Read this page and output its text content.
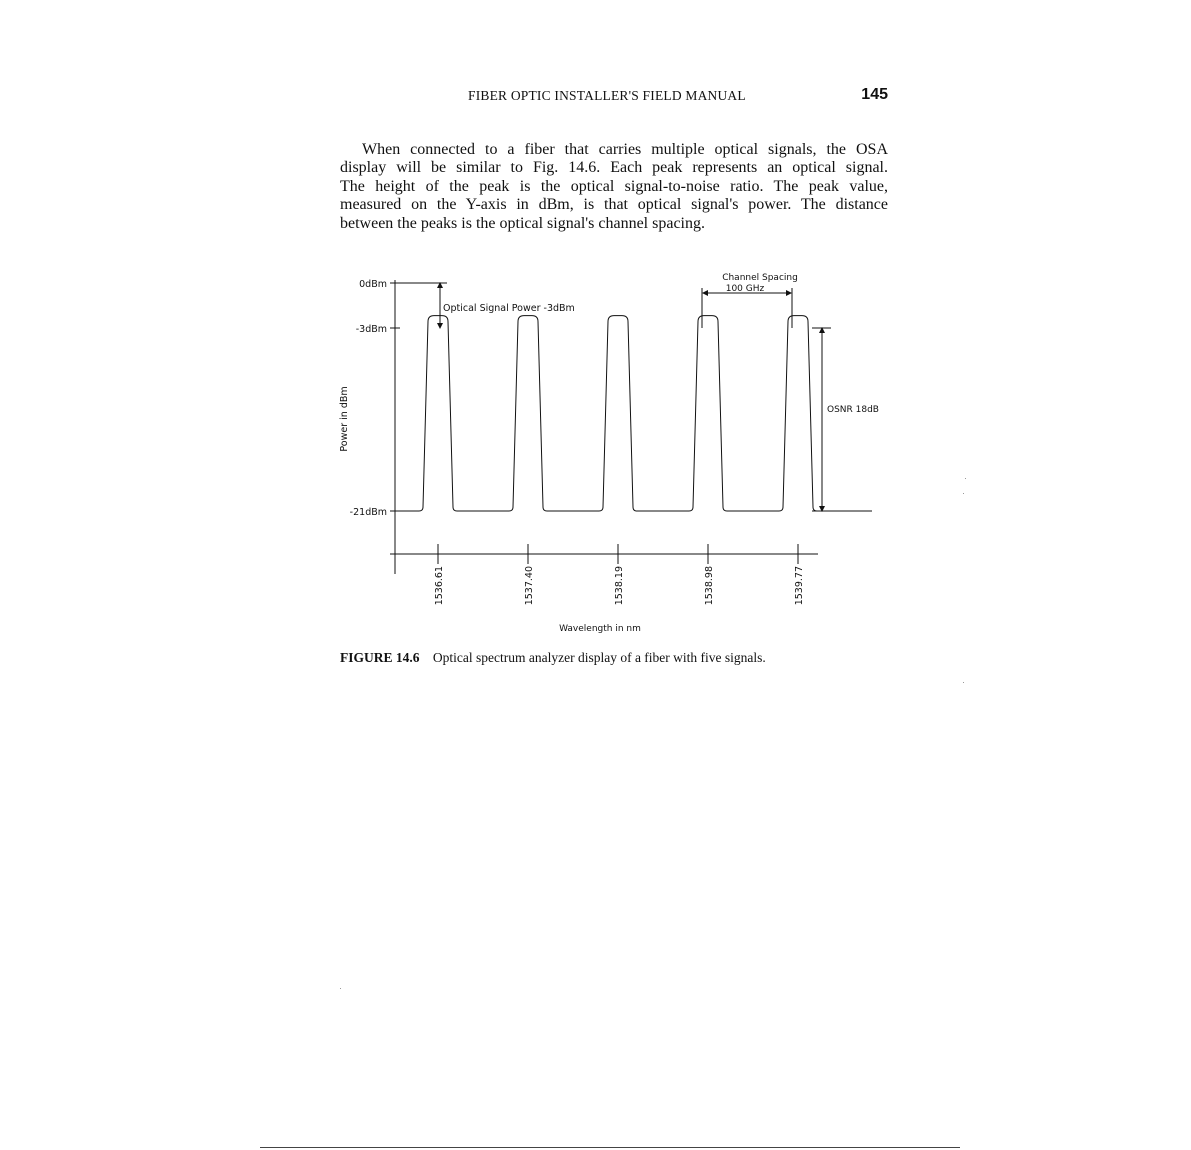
FIBER OPTIC INSTALLER'S FIELD MANUAL	145

When connected to a fiber that carries multiple optical signals, the OSA
display will be similar to Fig. 14.6. Each peak represents an optical signal.
The height of the peak is the optical signal-to-noise ratio. The peak value,
measured on the Y-axis in dBm, is that optical signal's power. The distance
between the peaks is the optical signal's channel spacing.

1536.61	1537.40	1538.19	1538.98	1539.77
0dBm
-3dBm
-21dBm
Power in dBm
Optical Signal Power -3dBm
Channel Spacing
100 GHz
OSNR 18dB
Wavelength in nm
FIGURE 14.6 Optical spectrum analyzer display of a fiber with five signals.
